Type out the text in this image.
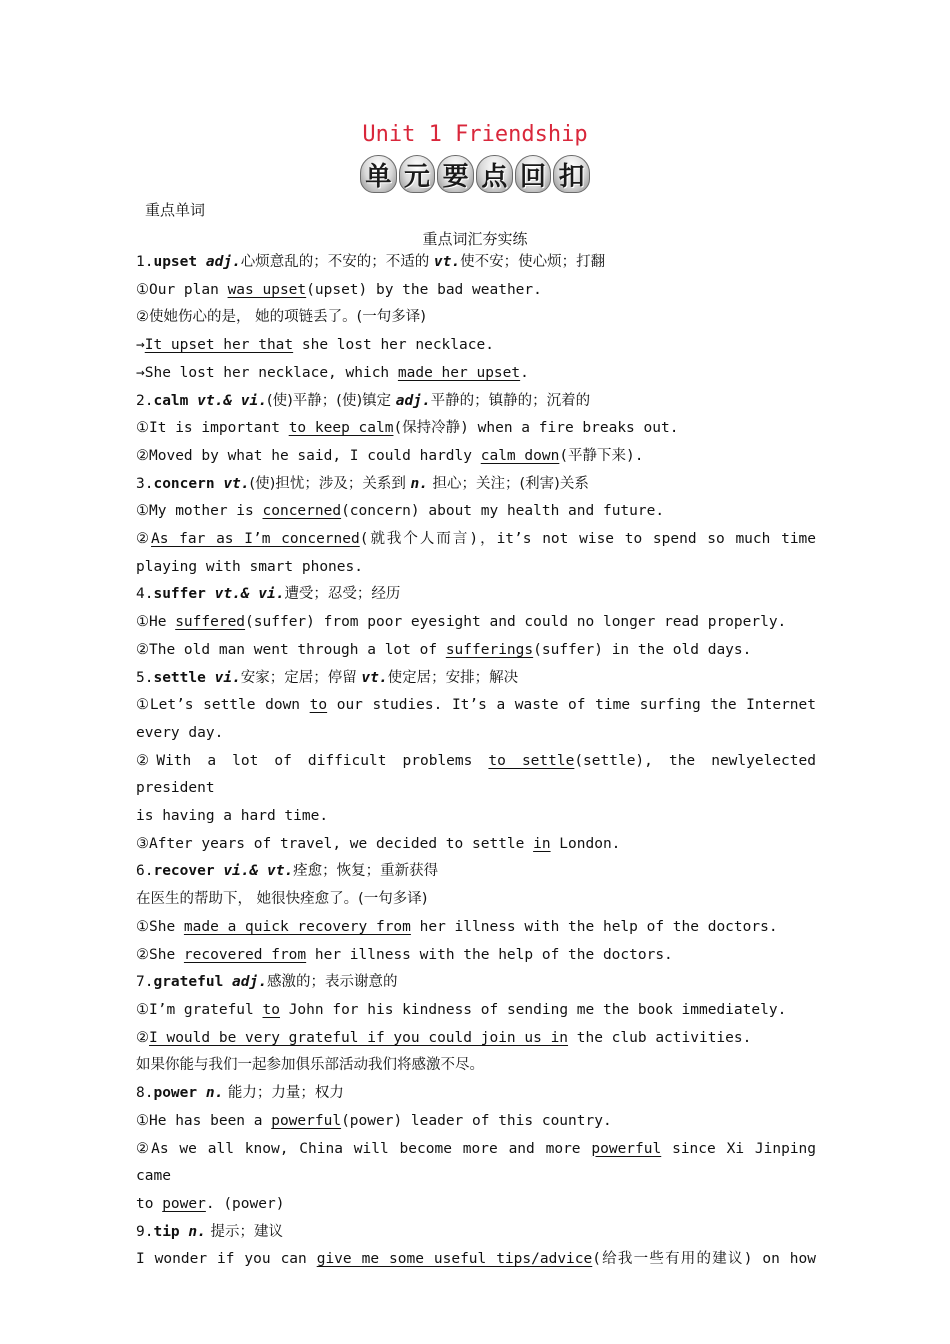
Unit 1 Friendship
单 元 要 点 回 扣
重点单词
重点词汇夯实练
1.upset adj.心烦意乱的；不安的；不适的 vt.使不安；使心烦；打翻
①Our plan was upset(upset) by the bad weather.
②使她伤心的是， 她的项链丢了。(一句多译)
→It upset her that she lost her necklace.
→She lost her necklace, which made her upset.
2.calm vt.& vi.(使)平静；(使)镇定 adj.平静的；镇静的；沉着的
①It is important to keep calm(保持冷静) when a fire breaks out.
②Moved by what he said, I could hardly calm down(平静下来).
3.concern vt.(使)担忧；涉及；关系到 n. 担心；关注；(利害)关系
①My mother is concerned(concern) about my health and future.
②As far as I’m concerned(就我个人而言)，it’s not wise to spend so much time
playing with smart phones.
4.suffer vt.& vi.遭受；忍受；经历
①He suffered(suffer) from poor eyesight and could no longer read properly.
②The old man went through a lot of sufferings(suffer) in the old days.
5.settle vi.安家；定居；停留 vt.使定居；安排；解决
①Let’s settle down to our studies. It’s a waste of time surfing the Internet
every day.
②With a lot of difficult problems to settle(settle), the newlyelected president
is having a hard time.
③After years of travel, we decided to settle in London.
6.recover vi.& vt.痊愈；恢复；重新获得
在医生的帮助下， 她很快痊愈了。(一句多译)
①She made a quick recovery from her illness with the help of the doctors.
②She recovered from her illness with the help of the doctors.
7.grateful adj.感激的；表示谢意的
①I’m grateful to John for his kindness of sending me the book immediately.
②I would be very grateful if you could join us in the club activities.
如果你能与我们一起参加俱乐部活动我们将感激不尽。
8.power n. 能力；力量；权力
①He has been a powerful(power) leader of this country.
②As we all know, China will become more and more powerful since Xi Jinping came
to power. (power)
9.tip n. 提示；建议
I wonder if you can give me some useful tips/advice(给我一些有用的建议) on how
